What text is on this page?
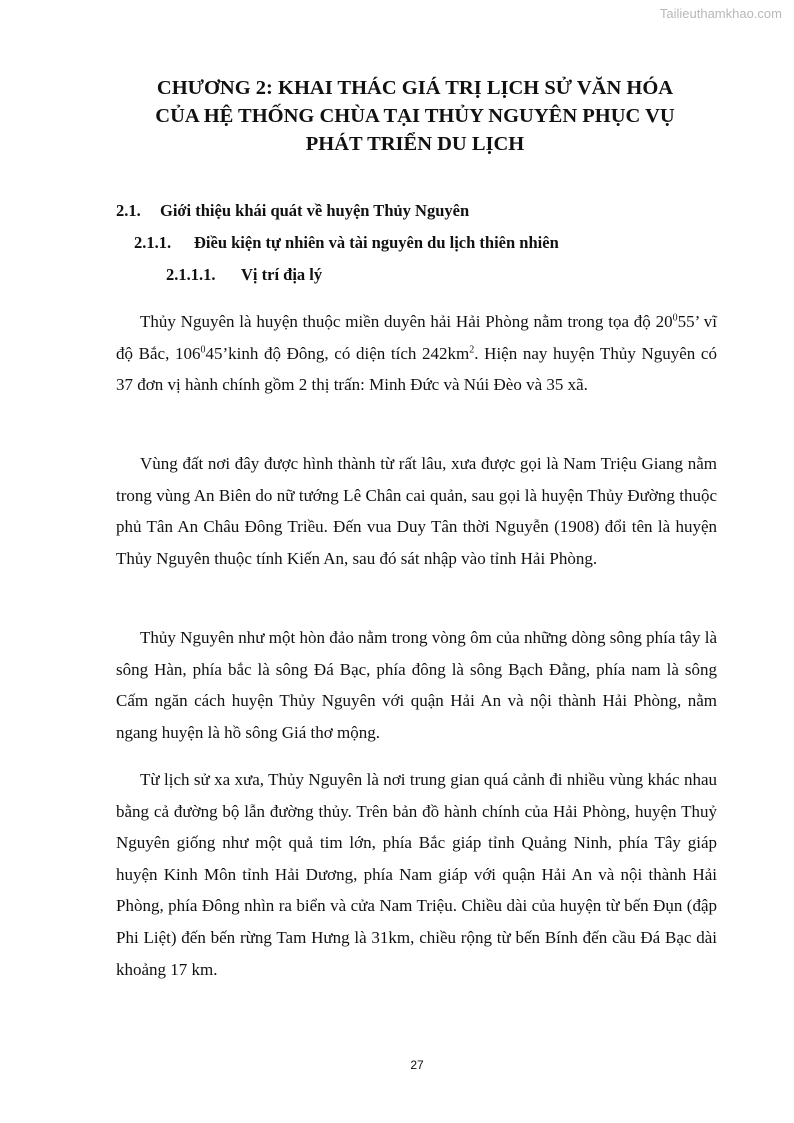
Tailieuthamkhao.com
CHƯƠNG 2: KHAI THÁC GIÁ TRỊ LỊCH SỬ VĂN HÓA
CỦA HỆ THỐNG CHÙA TẠI THỦY NGUYÊN PHỤC VỤ
PHÁT TRIỂN DU LỊCH
2.1. Giới thiệu khái quát về huyện Thủy Nguyên
2.1.1. Điều kiện tự nhiên và tài nguyên du lịch thiên nhiên
2.1.1.1. Vị trí địa lý
Thủy Nguyên là huyện thuộc miền duyên hải Hải Phòng nằm trong tọa độ $20^055$’ vĩ độ Bắc, $106^045’kinh$ độ Đông, có diện tích $242km^2$. Hiện nay huyện Thủy Nguyên có 37 đơn vị hành chính gồm 2 thị trấn: Minh Đức và Núi Đèo và 35 xã.
Vùng đất nơi đây được hình thành từ rất lâu, xưa được gọi là Nam Triệu Giang nằm trong vùng An Biên do nữ tướng Lê Chân cai quản, sau gọi là huyện Thủy Đường thuộc phủ Tân An Châu Đông Triều. Đến vua Duy Tân thời Nguyễn (1908) đổi tên là huyện Thủy Nguyên thuộc tính Kiến An, sau đó sát nhập vào tỉnh Hải Phòng.
Thủy Nguyên như một hòn đảo nằm trong vòng ôm của những dòng sông phía tây là sông Hàn, phía bắc là sông Đá Bạc, phía đông là sông Bạch Đằng, phía nam là sông Cấm ngăn cách huyện Thủy Nguyên với quận Hải An và nội thành Hải Phòng, nằm ngang huyện là hồ sông Giá thơ mộng.
Từ lịch sử xa xưa, Thủy Nguyên là nơi trung gian quá cảnh đi nhiều vùng khác nhau bằng cả đường bộ lẫn đường thủy. Trên bản đồ hành chính của Hải Phòng, huyện Thuỷ Nguyên giống như một quả tim lớn, phía Bắc giáp tỉnh Quảng Ninh, phía Tây giáp huyện Kinh Môn tỉnh Hải Dương, phía Nam giáp với quận Hải An và nội thành Hải Phòng, phía Đông nhìn ra biển và cửa Nam Triệu. Chiều dài của huyện từ bến Đụn (đập Phi Liệt) đến bến rừng Tam Hưng là 31km, chiều rộng từ bến Bính đến cầu Đá Bạc dài khoảng 17 km.
27
